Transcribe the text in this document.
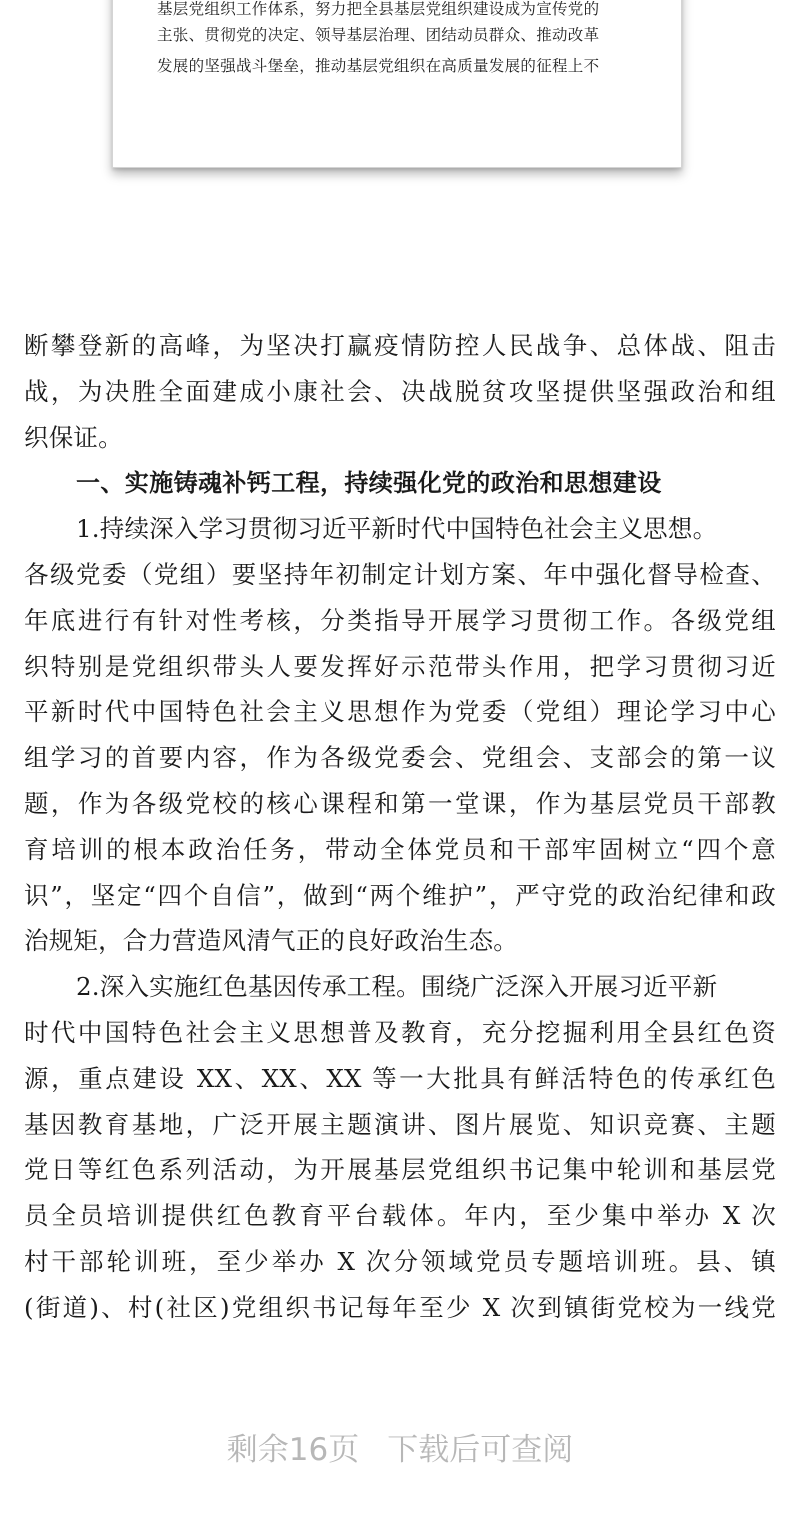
基层党组织工作体系，努力把全县基层党组织建设成为宣传党的
主张、贯彻党的决定、领导基层治理、团结动员群众、推动改革
发展的坚强战斗堡垒，推动基层党组织在高质量发展的征程上不
断攀登新的高峰，为坚决打赢疫情防控人民战争、总体战、阻击
战，为决胜全面建成小康社会、决战脱贫攻坚提供坚强政治和组
织保证。
一、实施铸魂补钙工程，持续强化党的政治和思想建设
1.持续深入学习贯彻习近平新时代中国特色社会主义思想。
各级党委（党组）要坚持年初制定计划方案、年中强化督导检查、
年底进行有针对性考核，分类指导开展学习贯彻工作。各级党组
织特别是党组织带头人要发挥好示范带头作用，把学习贯彻习近
平新时代中国特色社会主义思想作为党委（党组）理论学习中心
组学习的首要内容，作为各级党委会、党组会、支部会的第一议
题，作为各级党校的核心课程和第一堂课，作为基层党员干部教
育培训的根本政治任务，带动全体党员和干部牢固树立“四个意
识”，坚定“四个自信”，做到“两个维护”，严守党的政治纪律和政
治规矩，合力营造风清气正的良好政治生态。
2.深入实施红色基因传承工程。围绕广泛深入开展习近平新
时代中国特色社会主义思想普及教育，充分挖掘利用全县红色资
源，重点建设 XX、XX、XX 等一大批具有鲜活特色的传承红色
基因教育基地，广泛开展主题演讲、图片展览、知识竞赛、主题
党日等红色系列活动，为开展基层党组织书记集中轮训和基层党
员全员培训提供红色教育平台载体。年内，至少集中举办 X 次
村干部轮训班，至少举办 X 次分领域党员专题培训班。县、镇
(街道)、村(社区)党组织书记每年至少 X 次到镇街党校为一线党
剩余16页 下载后可查阅
